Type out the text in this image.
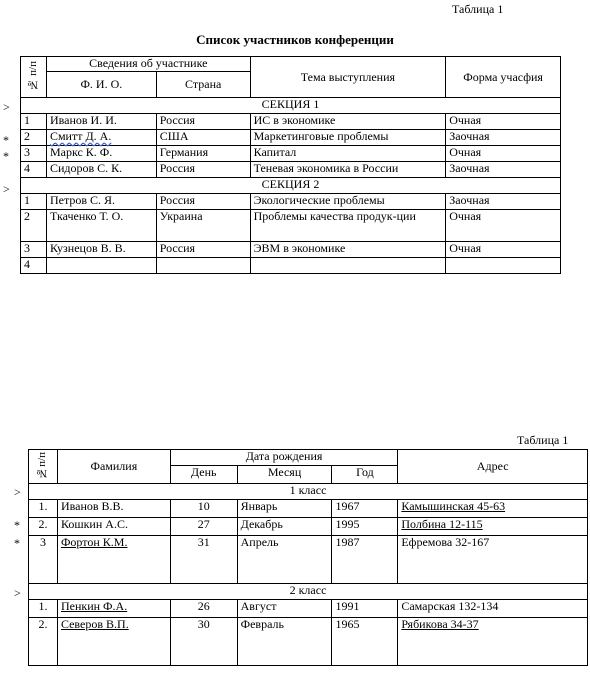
Таблица 1
Список участников конференции
№ п/п	Сведения об участнике		Тема выступления	Форма учасфия
	Ф. И. О.	Страна		
СЕКЦИЯ 1				
1	Иванов И. И.	Россия	ИС в экономике	Очная
2	Смитт Д. А.	США	Маркетинговые проблемы	Заочная
3	Маркс К. Ф.	Германия	Капитал	Очная
4	Сидоров С. К.	Россия	Теневая экономика в России	Заочная
СЕКЦИЯ 2				
1	Петров С. Я.	Россия	Экологические проблемы	Заочная
2	Ткаченко Т. О.	Украина	Проблемы качества продук-ции	Очная
3	Кузнецов В. В.	Россия	ЭВМ в экономике	Очная
4				
>
*
*
>
Таблица 1
№п/п	Фамилия	Дата рождения			Адрес
		День	Месяц	Год	
1 класс					
1.	Иванов В.В.	10	Январь	1967	Камышинская 45-63
2.	Кошкин А.С.	27	Декабрь	1995	Полбина 12-115
3	Фортон К.М.	31	Апрель	1987	Ефремова 32-167
2 класс					
1.	Пенкин Ф.А.	26	Август	1991	Самарская 132-134
2.	Северов В.П.	30	Февраль	1965	Рябикова 34-37
>
*
*
>
